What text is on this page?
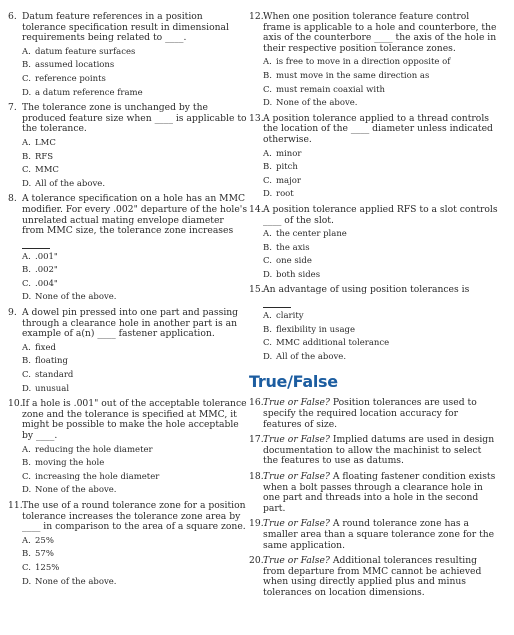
6. Datum feature references in a position tolerance specification result in dimensional requirements being related to ____.
A. datum feature surfaces
B. assumed locations
C. reference points
D. a datum reference frame
7. The tolerance zone is unchanged by the produced feature size when ____ is applicable to the tolerance.
A. LMC
B. RFS
C. MMC
D. All of the above.
8. A tolerance specification on a hole has an MMC modifier. For every .002" departure of the hole's unrelated actual mating envelope diameter from MMC size, the tolerance zone increases
A. .001"
B. .002"
C. .004"
D. None of the above.
9. A dowel pin pressed into one part and passing through a clearance hole in another part is an example of a(n) ____ fastener application.
A. fixed
B. floating
C. standard
D. unusual
10. If a hole is .001" out of the acceptable tolerance zone and the tolerance is specified at MMC, it might be possible to make the hole acceptable by ____.
A. reducing the hole diameter
B. moving the hole
C. increasing the hole diameter
D. None of the above.
11. The use of a round tolerance zone for a position tolerance increases the tolerance zone area by ____ in comparison to the area of a square zone.
A. 25%
B. 57%
C. 125%
D. None of the above.
12. When one position tolerance feature control frame is applicable to a hole and counterbore, the axis of the counterbore ____ the axis of the hole in their respective position tolerance zones.
A. is free to move in a direction opposite of
B. must move in the same direction as
C. must remain coaxial with
D. None of the above.
13. A position tolerance applied to a thread controls the location of the ____ diameter unless indicated otherwise.
A. minor
B. pitch
C. major
D. root
14. A position tolerance applied RFS to a slot controls ____ of the slot.
A. the center plane
B. the axis
C. one side
D. both sides
15. An advantage of using position tolerances is
A. clarity
B. flexibility in usage
C. MMC additional tolerance
D. All of the above.
True/False
16. True or False? Position tolerances are used to specify the required location accuracy for features of size.
17. True or False? Implied datums are used in design documentation to allow the machinist to select the features to use as datums.
18. True or False? A floating fastener condition exists when a bolt passes through a clearance hole in one part and threads into a hole in the second part.
19. True or False? A round tolerance zone has a smaller area than a square tolerance zone for the same application.
20. True or False? Additional tolerances resulting from departure from MMC cannot be achieved when using directly applied plus and minus tolerances on location dimensions.
